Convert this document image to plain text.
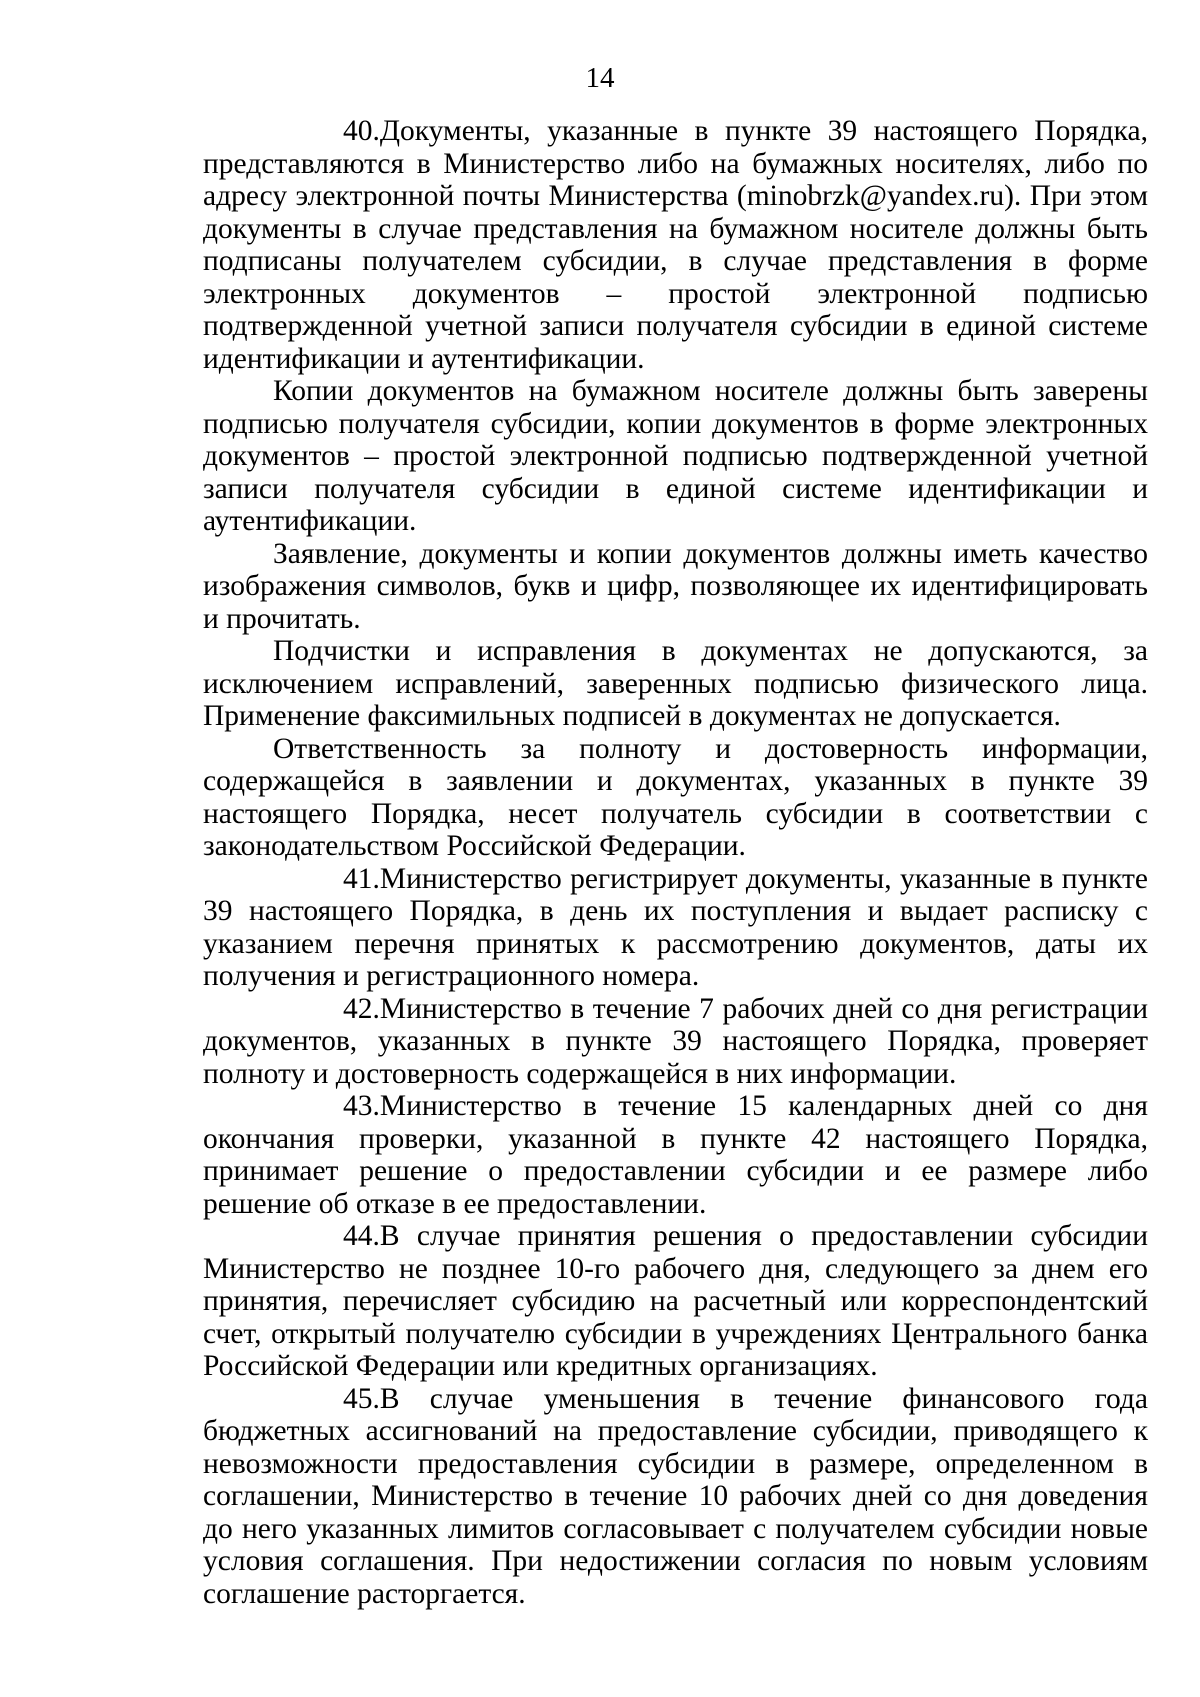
14

40.Документы, указанные в пункте 39 настоящего Порядка, представляются в Министерство либо на бумажных носителях, либо по адресу электронной почты Министерства (minobrzk@yandex.ru). При этом документы в случае представления на бумажном носителе должны быть подписаны получателем субсидии, в случае представления в форме электронных документов – простой электронной подписью подтвержденной учетной записи получателя субсидии в единой системе идентификации и аутентификации.

Копии документов на бумажном носителе должны быть заверены подписью получателя субсидии, копии документов в форме электронных документов – простой электронной подписью подтвержденной учетной записи получателя субсидии в единой системе идентификации и аутентификации.

Заявление, документы и копии документов должны иметь качество изображения символов, букв и цифр, позволяющее их идентифицировать и прочитать.

Подчистки и исправления в документах не допускаются, за исключением исправлений, заверенных подписью физического лица. Применение факсимильных подписей в документах не допускается.

Ответственность за полноту и достоверность информации, содержащейся в заявлении и документах, указанных в пункте 39 настоящего Порядка, несет получатель субсидии в соответствии с законодательством Российской Федерации.

41.Министерство регистрирует документы, указанные в пункте 39 настоящего Порядка, в день их поступления и выдает расписку с указанием перечня принятых к рассмотрению документов, даты их получения и регистрационного номера.

42.Министерство в течение 7 рабочих дней со дня регистрации документов, указанных в пункте 39 настоящего Порядка, проверяет полноту и достоверность содержащейся в них информации.

43.Министерство в течение 15 календарных дней со дня окончания проверки, указанной в пункте 42 настоящего Порядка, принимает решение о предоставлении субсидии и ее размере либо решение об отказе в ее предоставлении.

44.В случае принятия решения о предоставлении субсидии Министерство не позднее 10-го рабочего дня, следующего за днем его принятия, перечисляет субсидию на расчетный или корреспондентский счет, открытый получателю субсидии в учреждениях Центрального банка Российской Федерации или кредитных организациях.

45.В случае уменьшения в течение финансового года бюджетных ассигнований на предоставление субсидии, приводящего к невозможности предоставления субсидии в размере, определенном в соглашении, Министерство в течение 10 рабочих дней со дня доведения до него указанных лимитов согласовывает с получателем субсидии новые условия соглашения. При недостижении согласия по новым условиям соглашение расторгается.
